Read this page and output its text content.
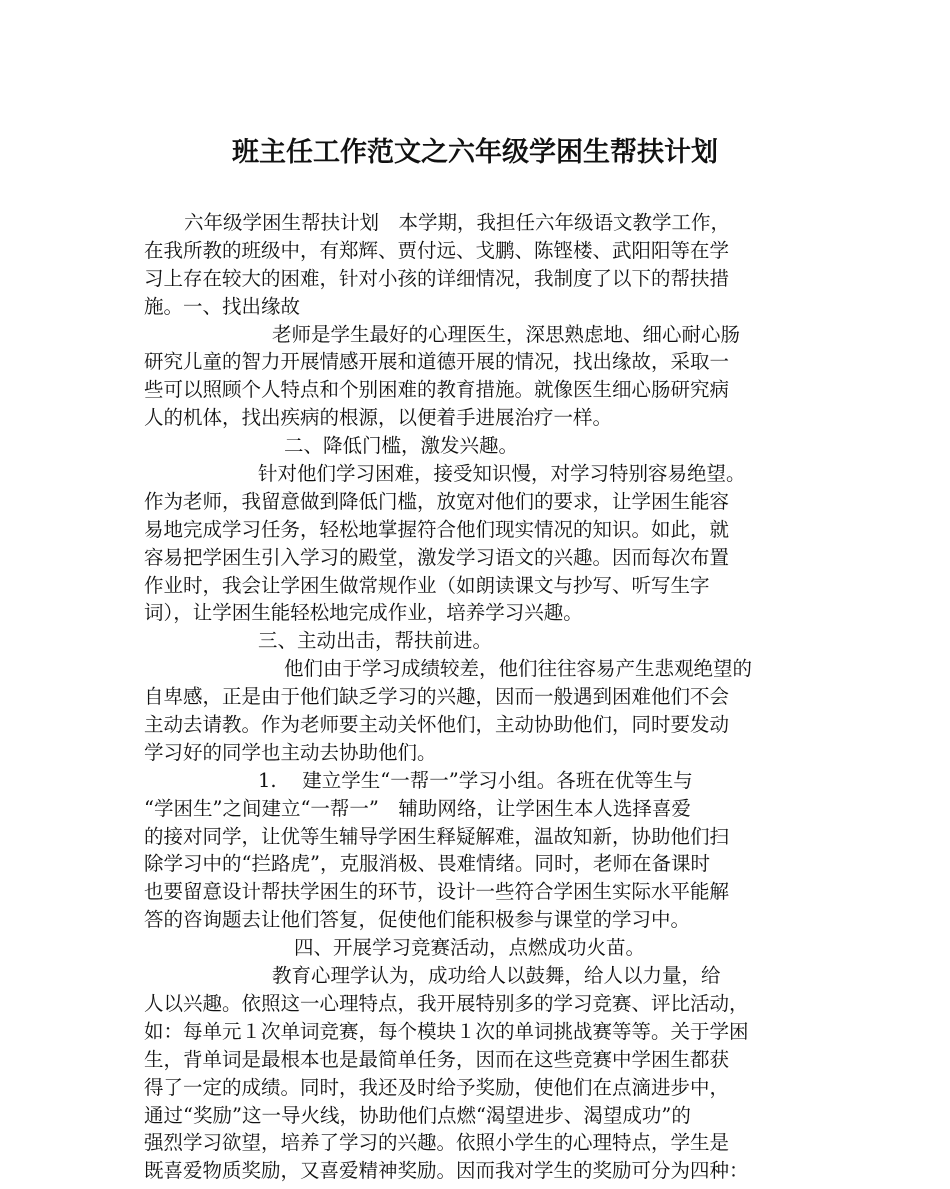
班主任工作范文之六年级学困生帮扶计划
六年级学困生帮扶计划　本学期，我担任六年级语文教学工作，
在我所教的班级中，有郑辉、贾付远、戈鹏、陈铿楼、武阳阳等在学
习上存在较大的困难，针对小孩的详细情况，我制度了以下的帮扶措
施。一、找出缘故
老师是学生最好的心理医生，深思熟虑地、细心耐心肠
研究儿童的智力开展情感开展和道德开展的情况，找出缘故，采取一
些可以照顾个人特点和个别困难的教育措施。就像医生细心肠研究病
人的机体，找出疾病的根源，以便着手进展治疗一样。
二、降低门槛，激发兴趣。
针对他们学习困难，接受知识慢，对学习特别容易绝望。
作为老师，我留意做到降低门槛，放宽对他们的要求，让学困生能容
易地完成学习任务，轻松地掌握符合他们现实情况的知识。如此，就
容易把学困生引入学习的殿堂，激发学习语文的兴趣。因而每次布置
作业时，我会让学困生做常规作业（如朗读课文与抄写、听写生字
词），让学困生能轻松地完成作业，培养学习兴趣。
三、主动出击，帮扶前进。
他们由于学习成绩较差，他们往往容易产生悲观绝望的
自卑感，正是由于他们缺乏学习的兴趣，因而一般遇到困难他们不会
主动去请教。作为老师要主动关怀他们，主动协助他们，同时要发动
学习好的同学也主动去协助他们。
1.　 建立学生“一帮一”学习小组。各班在优等生与
“学困生”之间建立“一帮一”　辅助网络，让学困生本人选择喜爱
的接对同学，让优等生辅导学困生释疑解难，温故知新，协助他们扫
除学习中的“拦路虎”，克服消极、畏难情绪。同时，老师在备课时
也要留意设计帮扶学困生的环节，设计一些符合学困生实际水平能解
答的咨询题去让他们答复，促使他们能积极参与课堂的学习中。
四、开展学习竞赛活动，点燃成功火苗。
教育心理学认为，成功给人以鼓舞，给人以力量，给
人以兴趣。依照这一心理特点，我开展特别多的学习竞赛、评比活动，
如：每单元１次单词竞赛，每个模块１次的单词挑战赛等等。关于学困
生，背单词是最根本也是最简单任务，因而在这些竞赛中学困生都获
得了一定的成绩。同时，我还及时给予奖励，使他们在点滴进步中，
通过“奖励”这一导火线，协助他们点燃“渴望进步、渴望成功”的
强烈学习欲望，培养了学习的兴趣。依照小学生的心理特点，学生是
既喜爱物质奖励，又喜爱精神奖励。因而我对学生的奖励可分为四种：
